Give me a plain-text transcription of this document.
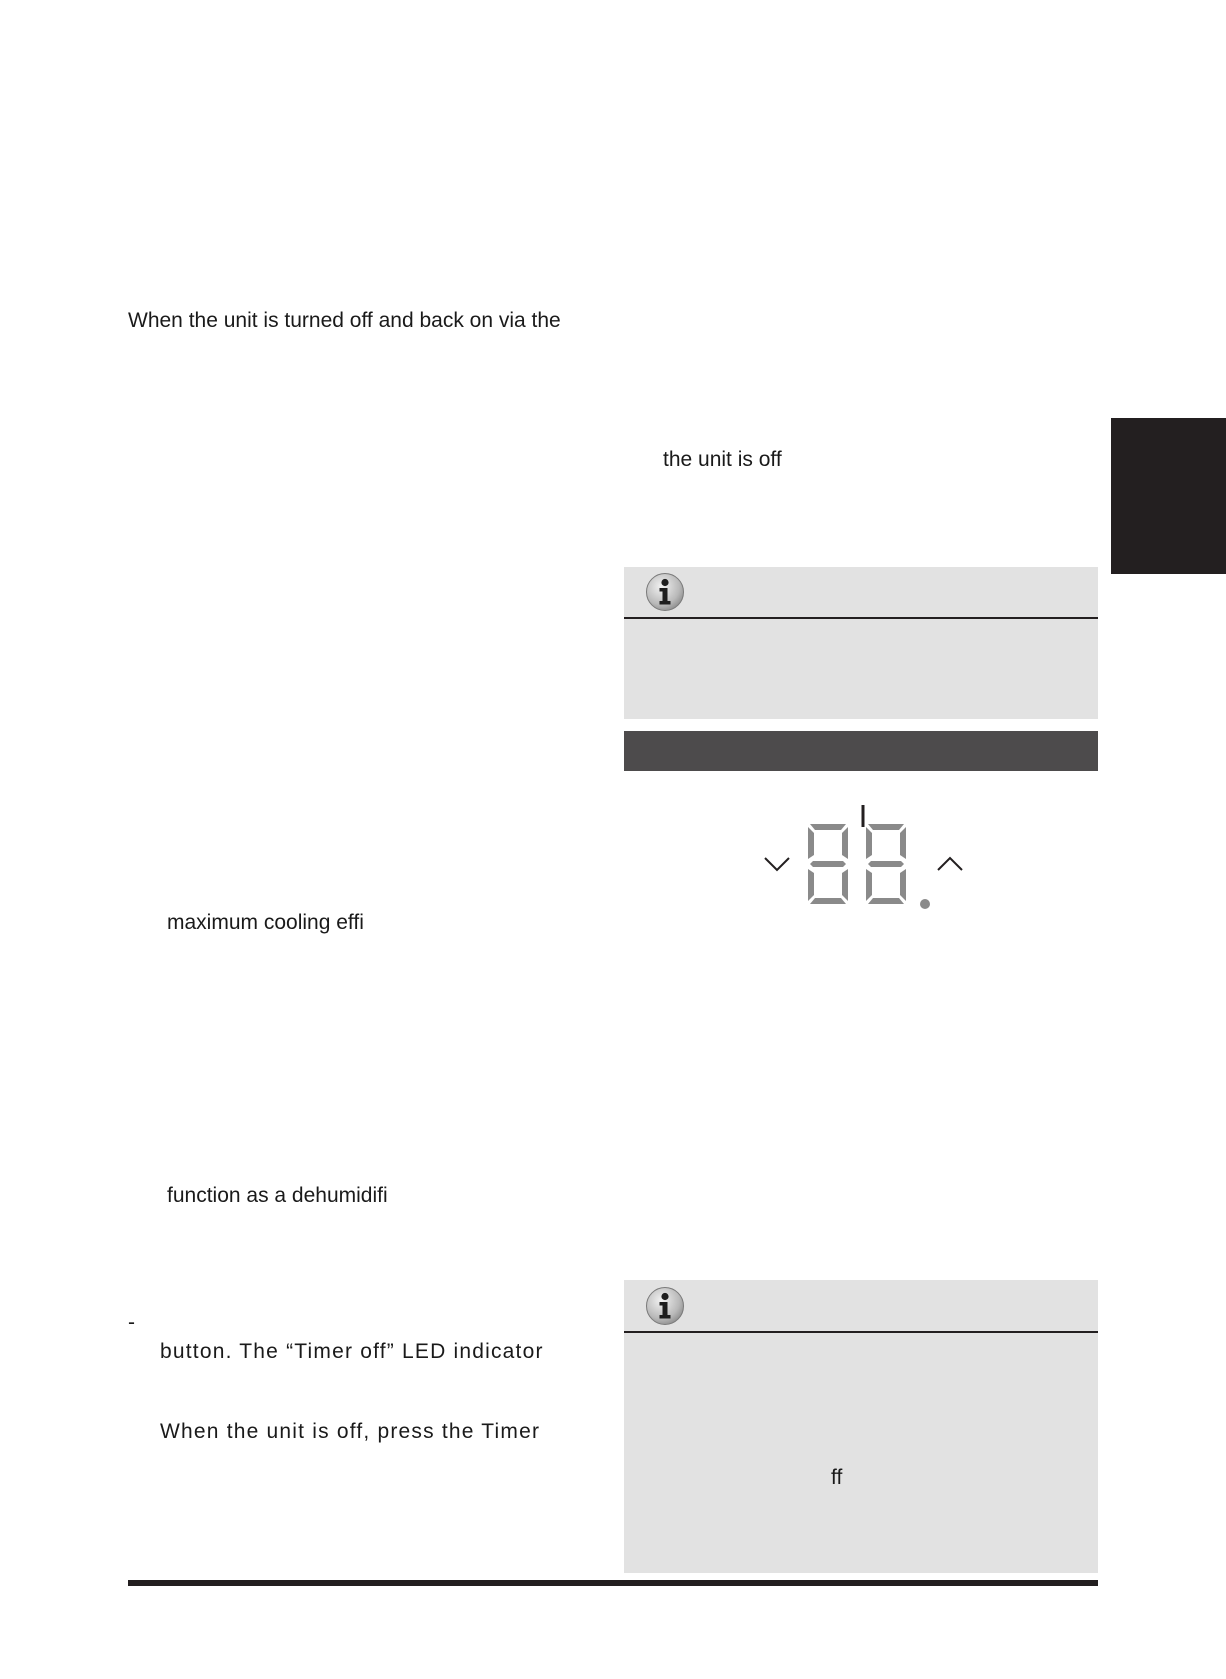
When the unit is turned off and back on via the
maximum cooling effi
function as a dehumidifi
-
button. The “Timer off” LED indicator
When the unit is off, press the Timer
the unit is off
ff
